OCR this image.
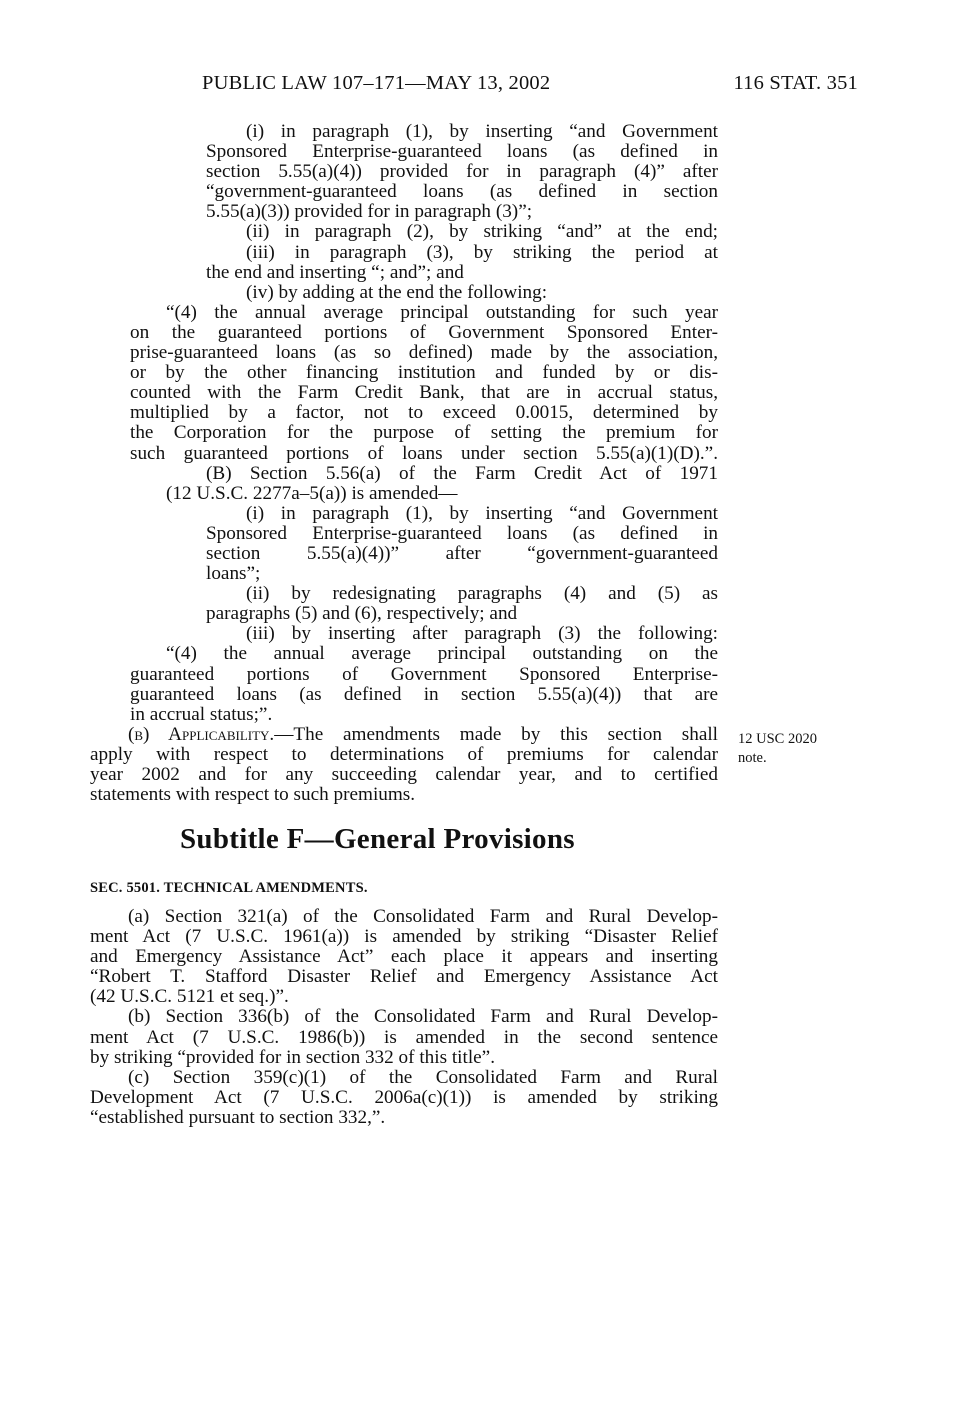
PUBLIC LAW 107–171—MAY 13, 2002	116 STAT. 351
(i) in paragraph (1), by inserting “and Government
Sponsored Enterprise-guaranteed loans (as defined in
section 5.55(a)(4)) provided for in paragraph (4)” after
“government-guaranteed loans (as defined in section
5.55(a)(3)) provided for in paragraph (3)”;
(ii) in paragraph (2), by striking “and” at the end;
(iii) in paragraph (3), by striking the period at
the end and inserting “; and”; and
(iv) by adding at the end the following:
“(4) the annual average principal outstanding for such year
on the guaranteed portions of Government Sponsored Enter-
prise-guaranteed loans (as so defined) made by the association,
or by the other financing institution and funded by or dis-
counted with the Farm Credit Bank, that are in accrual status,
multiplied by a factor, not to exceed 0.0015, determined by
the Corporation for the purpose of setting the premium for
such guaranteed portions of loans under section 5.55(a)(1)(D).”.
(B) Section 5.56(a) of the Farm Credit Act of 1971
(12 U.S.C. 2277a–5(a)) is amended—
(i) in paragraph (1), by inserting “and Government
Sponsored Enterprise-guaranteed loans (as defined in
section 5.55(a)(4))” after “government-guaranteed
loans”;
(ii) by redesignating paragraphs (4) and (5) as
paragraphs (5) and (6), respectively; and
(iii) by inserting after paragraph (3) the following:
“(4) the annual average principal outstanding on the
guaranteed portions of Government Sponsored Enterprise-
guaranteed loans (as defined in section 5.55(a)(4)) that are
in accrual status;”.
(b) Applicability.—The amendments made by this section shall
apply with respect to determinations of premiums for calendar
year 2002 and for any succeeding calendar year, and to certified
statements with respect to such premiums.
12 USC 2020
note.
Subtitle F—General Provisions
SEC. 5501. TECHNICAL AMENDMENTS.
(a) Section 321(a) of the Consolidated Farm and Rural Develop-
ment Act (7 U.S.C. 1961(a)) is amended by striking “Disaster Relief
and Emergency Assistance Act” each place it appears and inserting
“Robert T. Stafford Disaster Relief and Emergency Assistance Act
(42 U.S.C. 5121 et seq.)”.
(b) Section 336(b) of the Consolidated Farm and Rural Develop-
ment Act (7 U.S.C. 1986(b)) is amended in the second sentence
by striking “provided for in section 332 of this title”.
(c) Section 359(c)(1) of the Consolidated Farm and Rural
Development Act (7 U.S.C. 2006a(c)(1)) is amended by striking
“established pursuant to section 332,”.
